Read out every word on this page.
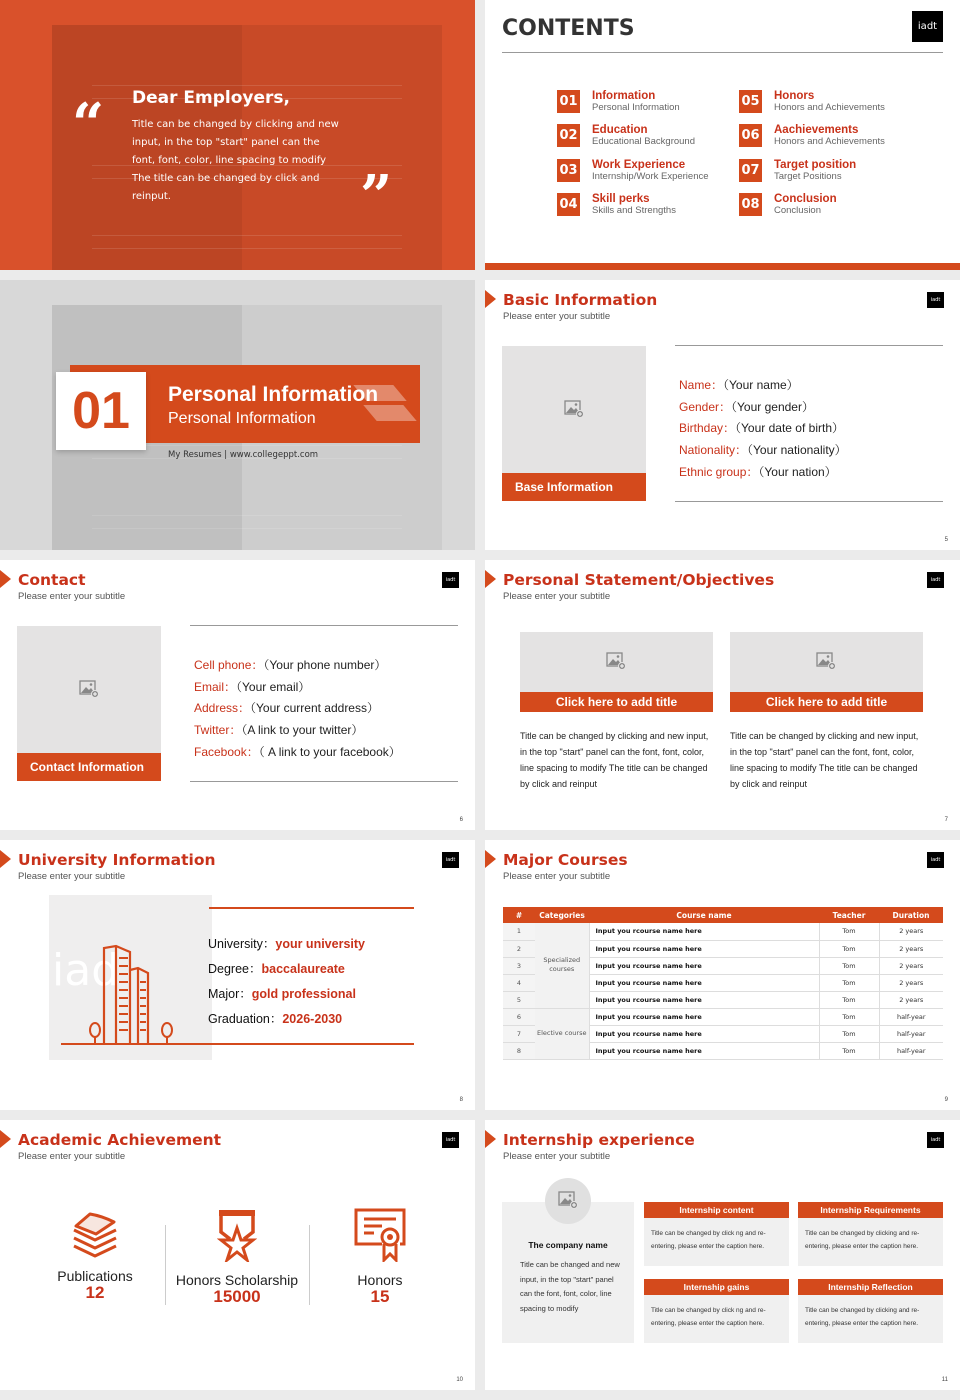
“ Dear Employers,
Title can be changed by clicking and new input, in the top "start" panel can the font, font, color, line spacing to modify The title can be changed by click and reinput.	”
CONTENTS	iadt
01 Information
Personal Information
02 Education
Educational Background
03 Work Experience
Internship/Work Experience
04 Skill perks
Skills and Strengths
05 Honors
Honors and Achievements
06 Aachievements
Honors and Achievements
07 Target position
Target Positions
08 Conclusion
Conclusion
01	Personal Information
Personal Information
My Resumes | www.collegeppt.com
Basic Information
Please enter your subtitle
iadt
Base Information
Name：（Your name）
Gender：（Your gender）
Birthday：（Your date of birth）
Nationality：（Your nationality）
Ethnic group：（Your nation）
5
Contact
Please enter your subtitle
iadt
Contact Information
Cell phone：（Your phone number）
Email：（Your email）
Address：（Your current address）
Twitter：（A link to your twitter）
Facebook：（ A link to your facebook）
6
Personal Statement/Objectives
Please enter your subtitle
iadt
Click here to add title
Title can be changed by clicking and new input, in the top "start" panel can the font, font, color, line spacing to modify The title can be changed by click and reinput
Click here to add title
Title can be changed by clicking and new input, in the top "start" panel can the font, font, color, line spacing to modify The title can be changed by click and reinput
7
University Information
Please enter your subtitle
iadt
iad
University：your university
Degree：baccalaureate
Major：gold professional
Graduation：2026-2030
8
Major Courses
Please enter your subtitle
iadt
#	Categories	Course name	Teacher	Duration
1	Specialized courses	Input you rcourse name here	Tom	2 years
2		Input you rcourse name here	Tom	2 years
3		Input you rcourse name here	Tom	2 years
4		Input you rcourse name here	Tom	2 years
5		Input you rcourse name here	Tom	2 years
6	Elective course	Input you rcourse name here	Tom	half-year
7		Input you rcourse name here	Tom	half-year
8		Input you rcourse name here	Tom	half-year
9
Academic Achievement
Please enter your subtitle
iadt
Publications
12
Honors Scholarship
15000
Honors
15
10
Internship experience
Please enter your subtitle
iadt
The company name
Title can be changed and new input, in the top "start" panel can the font, font, color, line spacing to modify
Internship content
Title can be changed by click ng and re-entering, please enter the caption here.
Internship Requirements
Title can be changed by clicking and re-entering, please enter the caption here.
Internship gains
Title can be changed by click ng and re-entering, please enter the caption here.
Internship Reflection
Title can be changed by clicking and re-entering, please enter the caption here.
11
